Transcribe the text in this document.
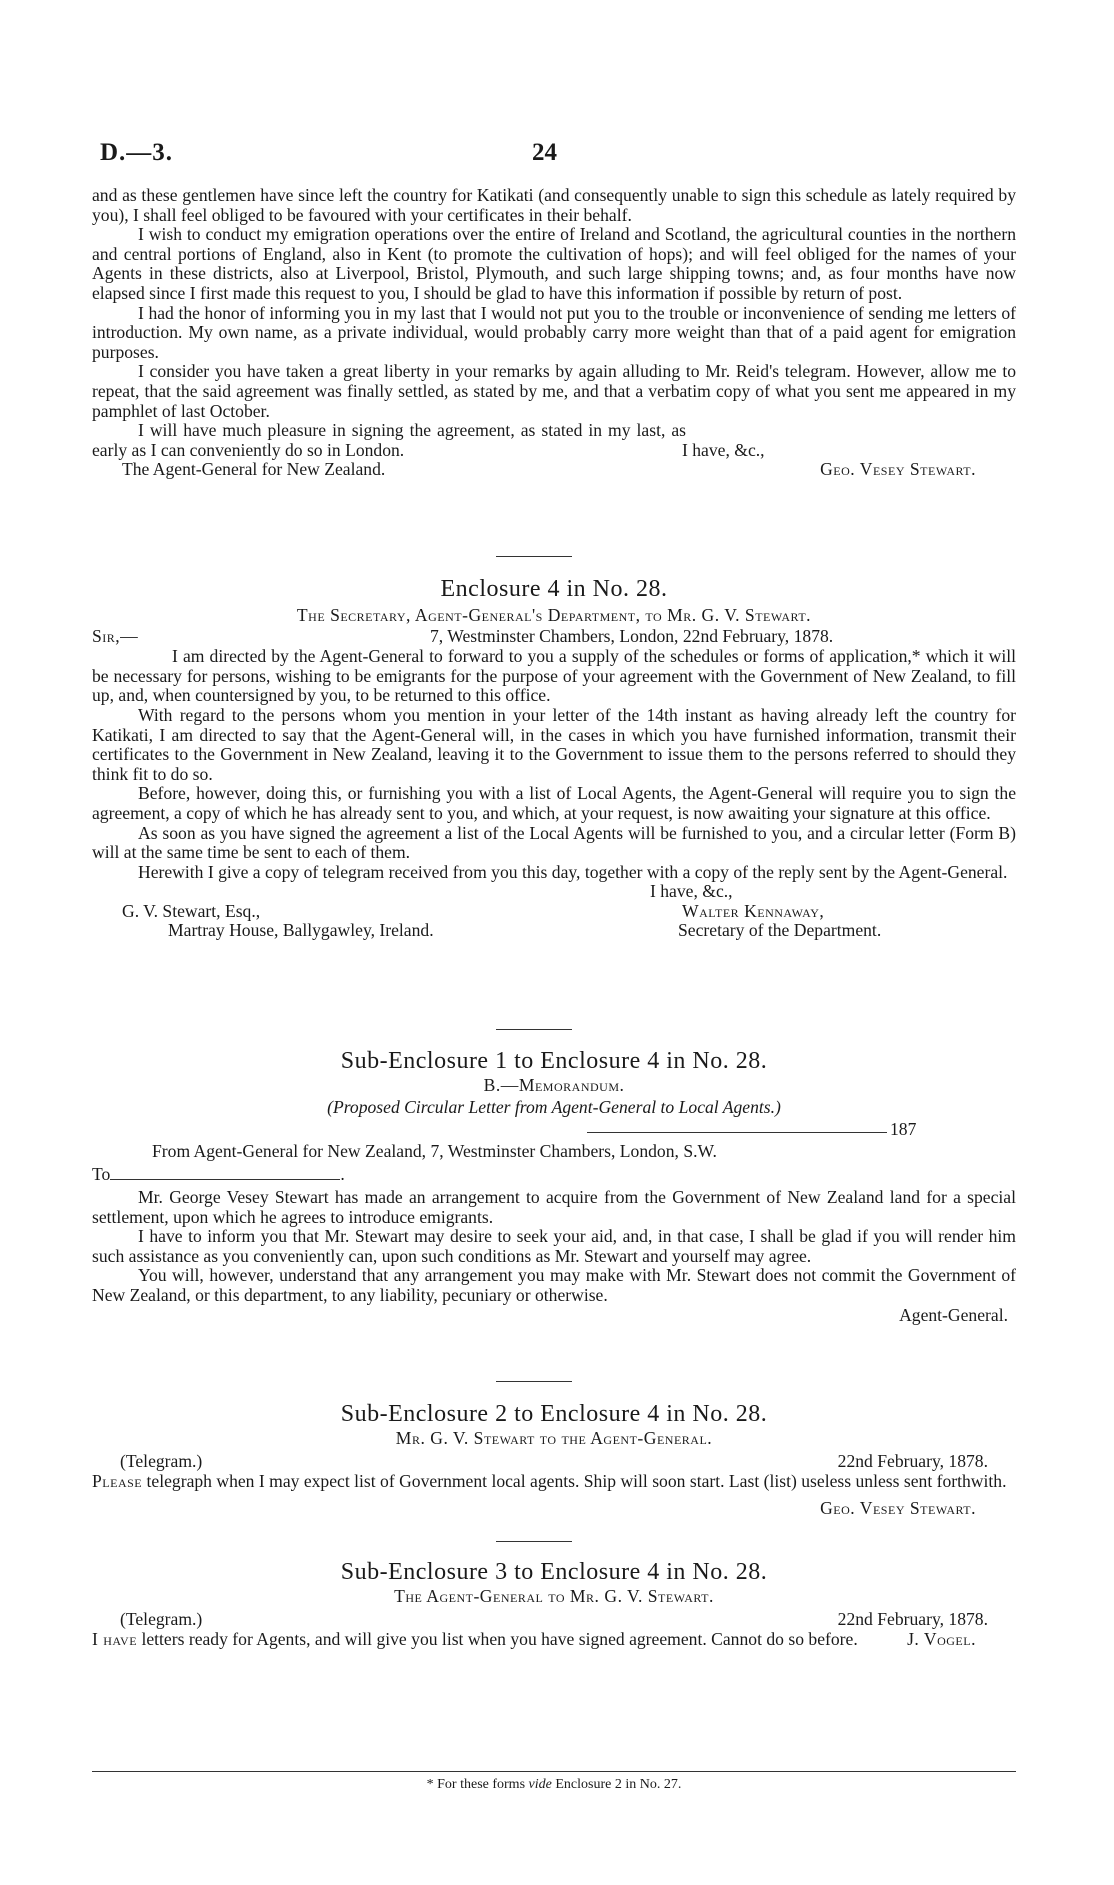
D.—3.	24

and as these gentlemen have since left the country for Katikati (and consequently unable to sign this schedule as lately required by you), I shall feel obliged to be favoured with your certificates in their behalf.

I wish to conduct my emigration operations over the entire of Ireland and Scotland, the agricultural counties in the northern and central portions of England, also in Kent (to promote the cultivation of hops); and will feel obliged for the names of your Agents in these districts, also at Liverpool, Bristol, Plymouth, and such large shipping towns; and, as four months have now elapsed since I first made this request to you, I should be glad to have this information if possible by return of post.

I had the honor of informing you in my last that I would not put you to the trouble or inconvenience of sending me letters of introduction. My own name, as a private individual, would probably carry more weight than that of a paid agent for emigration purposes.

I consider you have taken a great liberty in your remarks by again alluding to Mr. Reid's telegram. However, allow me to repeat, that the said agreement was finally settled, as stated by me, and that a verbatim copy of what you sent me appeared in my pamphlet of last October.

I will have much pleasure in signing the agreement, as stated in my last, as early as I can conveniently do so in London.	I have, &c.,
The Agent-General for New Zealand.	Geo. Vesey Stewart.
Enclosure 4 in No. 28.
The Secretary, Agent-General's Department, to Mr. G. V. Stewart.
Sir,—	7, Westminster Chambers, London, 22nd February, 1878.

I am directed by the Agent-General to forward to you a supply of the schedules or forms of application,* which it will be necessary for persons, wishing to be emigrants for the purpose of your agreement with the Government of New Zealand, to fill up, and, when countersigned by you, to be returned to this office.

With regard to the persons whom you mention in your letter of the 14th instant as having already left the country for Katikati, I am directed to say that the Agent-General will, in the cases in which you have furnished information, transmit their certificates to the Government in New Zealand, leaving it to the Government to issue them to the persons referred to should they think fit to do so.

Before, however, doing this, or furnishing you with a list of Local Agents, the Agent-General will require you to sign the agreement, a copy of which he has already sent to you, and which, at your request, is now awaiting your signature at this office.

As soon as you have signed the agreement a list of the Local Agents will be furnished to you, and a circular letter (Form B) will at the same time be sent to each of them.

Herewith I give a copy of telegram received from you this day, together with a copy of the reply sent by the Agent-General.

I have, &c.,
G. V. Stewart, Esq.,
Martray House, Ballygawley, Ireland.
Walter Kennaway,
Secretary of the Department.
Sub-Enclosure 1 to Enclosure 4 in No. 28.
B.—Memorandum.
(Proposed Circular Letter from Agent-General to Local Agents.)
187
From Agent-General for New Zealand, 7, Westminster Chambers, London, S.W.
To	.

Mr. George Vesey Stewart has made an arrangement to acquire from the Government of New Zealand land for a special settlement, upon which he agrees to introduce emigrants.

I have to inform you that Mr. Stewart may desire to seek your aid, and, in that case, I shall be glad if you will render him such assistance as you conveniently can, upon such conditions as Mr. Stewart and yourself may agree.

You will, however, understand that any arrangement you may make with Mr. Stewart does not commit the Government of New Zealand, or this department, to any liability, pecuniary or otherwise.

Agent-General.
Sub-Enclosure 2 to Enclosure 4 in No. 28.
Mr. G. V. Stewart to the Agent-General.
(Telegram.)	22nd February, 1878.

Please telegraph when I may expect list of Government local agents. Ship will soon start. Last (list) useless unless sent forthwith.

Geo. Vesey Stewart.
Sub-Enclosure 3 to Enclosure 4 in No. 28.
The Agent-General to Mr. G. V. Stewart.
(Telegram.)	22nd February, 1878.

I have letters ready for Agents, and will give you list when you have signed agreement. Cannot do so before.	J. Vogel.
* For these forms vide Enclosure 2 in No. 27.
